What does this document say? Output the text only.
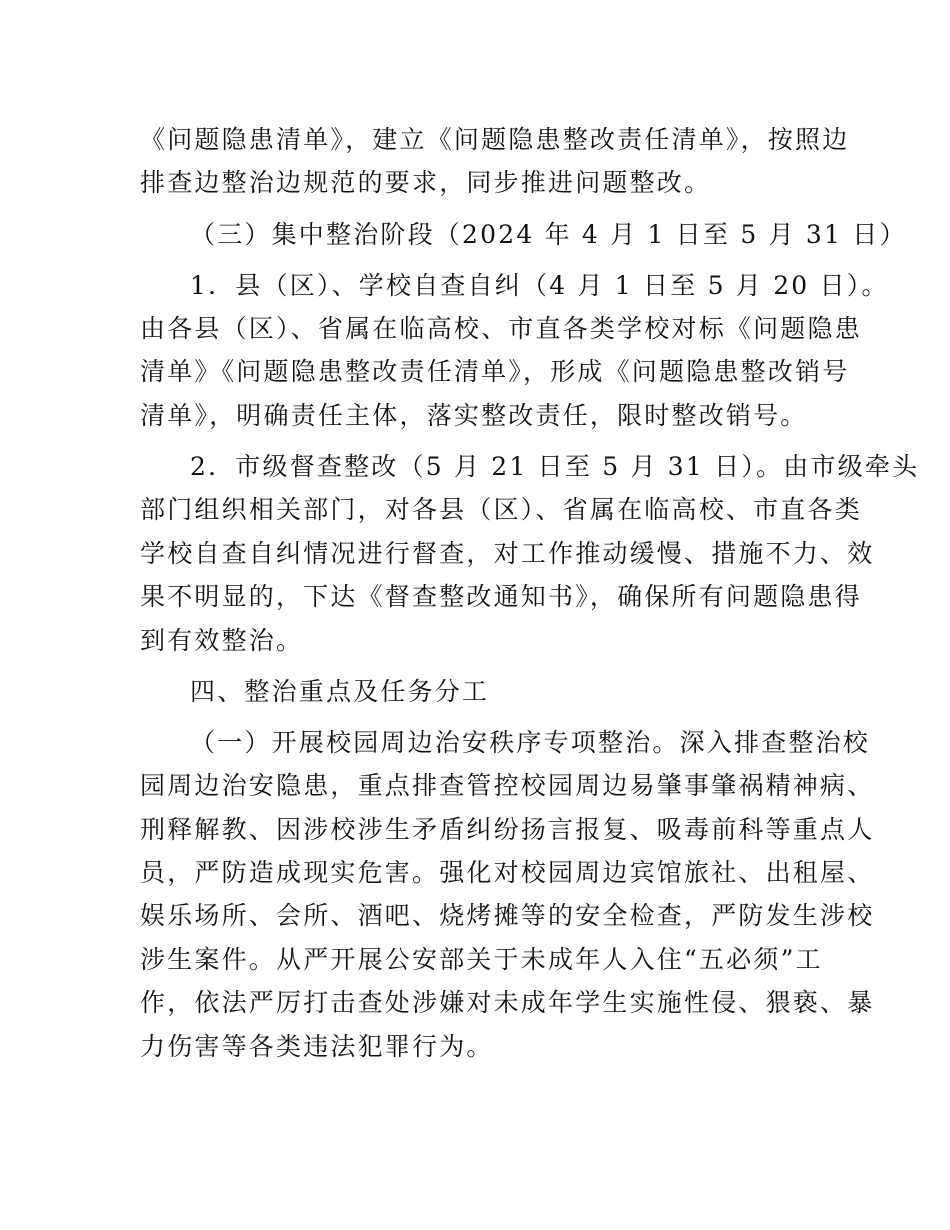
《问题隐患清单》，建立《问题隐患整改责任清单》，按照边
排查边整治边规范的要求，同步推进问题整改。
（三）集中整治阶段（2024 年 4 月 1 日至 5 月 31 日）
1．县（区）、学校自查自纠（4 月 1 日至 5 月 20 日）。
由各县（区）、省属在临高校、市直各类学校对标《问题隐患
清单》《问题隐患整改责任清单》，形成《问题隐患整改销号
清单》，明确责任主体，落实整改责任，限时整改销号。
2．市级督查整改（5 月 21 日至 5 月 31 日）。由市级牵头
部门组织相关部门，对各县（区）、省属在临高校、市直各类
学校自查自纠情况进行督查，对工作推动缓慢、措施不力、效
果不明显的，下达《督查整改通知书》，确保所有问题隐患得
到有效整治。
四、整治重点及任务分工
（一）开展校园周边治安秩序专项整治。深入排查整治校
园周边治安隐患，重点排查管控校园周边易肇事肇祸精神病、
刑释解教、因涉校涉生矛盾纠纷扬言报复、吸毒前科等重点人
员，严防造成现实危害。强化对校园周边宾馆旅社、出租屋、
娱乐场所、会所、酒吧、烧烤摊等的安全检查，严防发生涉校
涉生案件。从严开展公安部关于未成年人入住“五必须”工
作，依法严厉打击查处涉嫌对未成年学生实施性侵、猥亵、暴
力伤害等各类违法犯罪行为。
